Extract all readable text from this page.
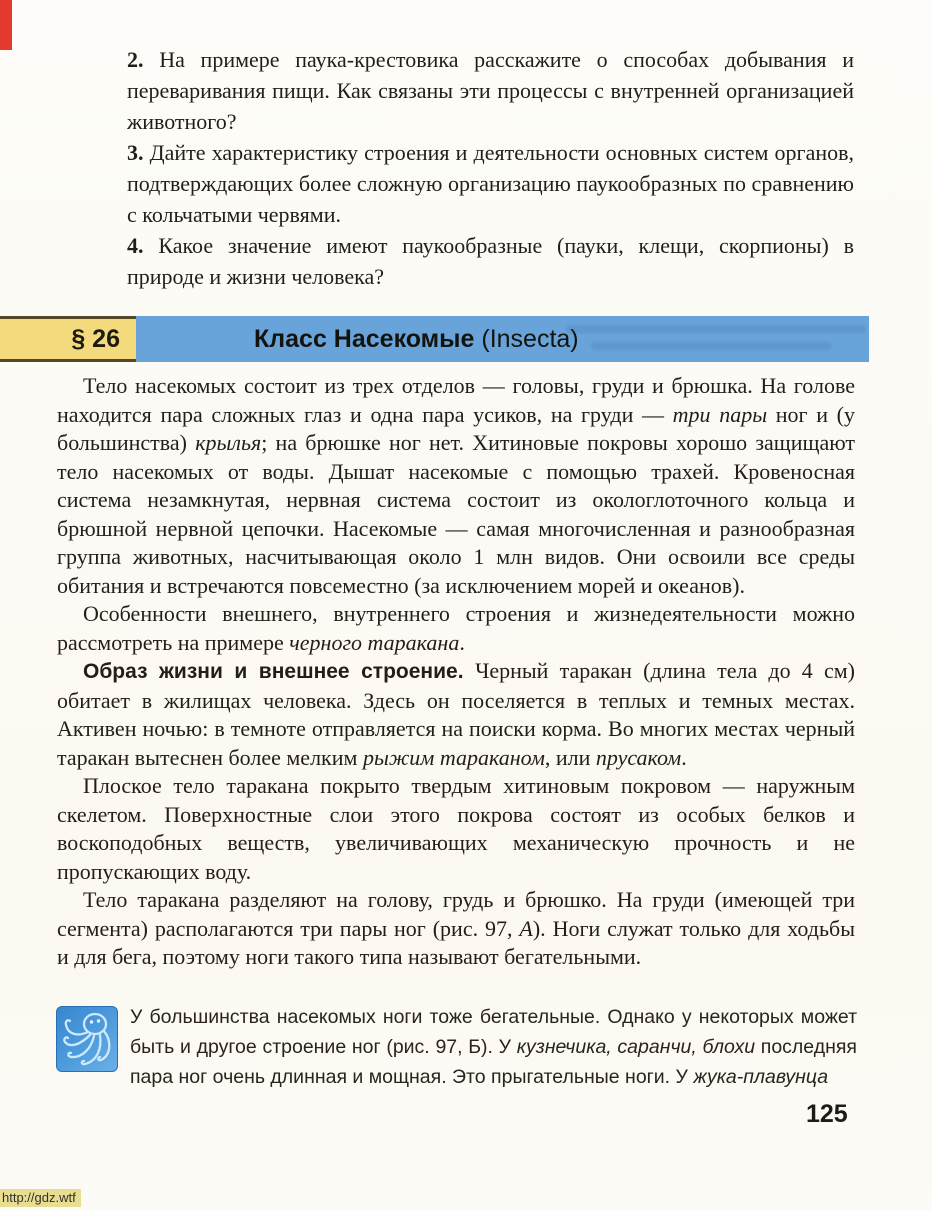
2. На примере паука-крестовика расскажите о способах добывания и переваривания пищи. Как связаны эти процессы с внутренней организацией животного?

3. Дайте характеристику строения и деятельности основных систем органов, подтверждающих более сложную организацию паукообразных по сравнению с кольчатыми червями.

4. Какое значение имеют паукообразные (пауки, клещи, скорпионы) в природе и жизни человека?

§ 26	Класс Насекомые (Insecta)

Тело насекомых состоит из трех отделов — головы, груди и брюшка. На голове находится пара сложных глаз и одна пара усиков, на груди — три пары ног и (у большинства) крылья; на брюшке ног нет. Хитиновые покровы хорошо защищают тело насекомых от воды. Дышат насекомые с помощью трахей. Кровеносная система незамкнутая, нервная система состоит из окологлоточного кольца и брюшной нервной цепочки. Насекомые — самая многочисленная и разнообразная группа животных, насчитывающая около 1 млн видов. Они освоили все среды обитания и встречаются повсеместно (за исключением морей и океанов).

Особенности внешнего, внутреннего строения и жизнедеятельности можно рассмотреть на примере черного таракана.

Образ жизни и внешнее строение. Черный таракан (длина тела до 4 см) обитает в жилищах человека. Здесь он поселяется в теплых и темных местах. Активен ночью: в темноте отправляется на поиски корма. Во многих местах черный таракан вытеснен более мелким рыжим тараканом, или прусаком.

Плоское тело таракана покрыто твердым хитиновым покровом — наружным скелетом. Поверхностные слои этого покрова состоят из особых белков и воскоподобных веществ, увеличивающих механическую прочность и не пропускающих воду.

Тело таракана разделяют на голову, грудь и брюшко. На груди (имеющей три сегмента) располагаются три пары ног (рис. 97, А). Ноги служат только для ходьбы и для бега, поэтому ноги такого типа называют бегательными.

У большинства насекомых ноги тоже бегательные. Однако у некоторых может быть и другое строение ног (рис. 97, Б). У кузнечика, саранчи, блохи последняя пара ног очень длинная и мощная. Это прыгательные ноги. У жука-плавунца
125
http://gdz.wtf
